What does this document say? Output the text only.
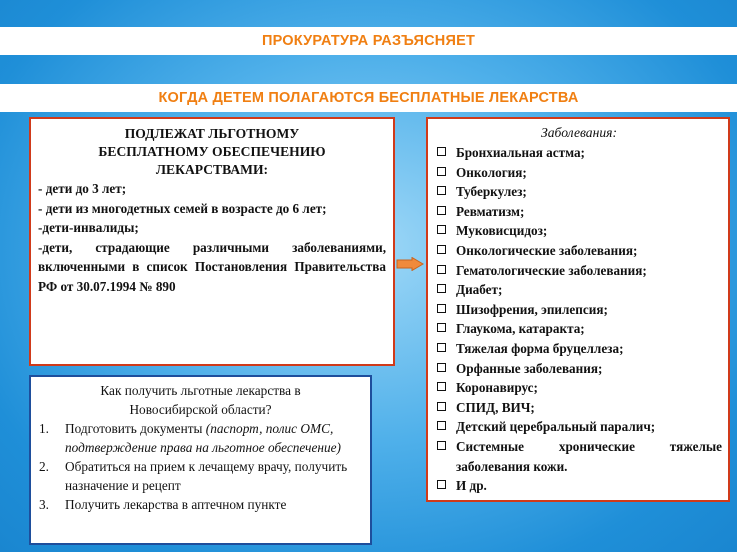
ПРОКУРАТУРА РАЗЪЯСНЯЕТ
КОГДА ДЕТЕМ ПОЛАГАЮТСЯ БЕСПЛАТНЫЕ ЛЕКАРСТВА
ПОДЛЕЖАТ ЛЬГОТНОМУ
БЕСПЛАТНОМУ ОБЕСПЕЧЕНИЮ
ЛЕКАРСТВАМИ:
- дети до 3 лет;
- дети из многодетных семей в возрасте до 6 лет;
-дети-инвалиды;
-дети, страдающие различными заболеваниями, включенными в список Постановления Правительства РФ от 30.07.1994 № 890
Заболевания:
Бронхиальная астма;
Онкология;
Туберкулез;
Ревматизм;
Муковисцидоз;
Онкологические заболевания;
Гематологические заболевания;
Диабет;
Шизофрения, эпилепсия;
Глаукома, катаракта;
Тяжелая форма бруцеллеза;
Орфанные заболевания;
Коронавирус;
СПИД, ВИЧ;
Детский церебральный паралич;
Системные хронические тяжелые заболевания кожи.
И др.
Как получить льготные лекарства в
Новосибирской области?
1.	Подготовить документы (паспорт, полис ОМС, подтверждение права на льготное обеспечение)
2.	Обратиться на прием к лечащему врачу, получить назначение и рецепт
3.	Получить лекарства в аптечном пункте
